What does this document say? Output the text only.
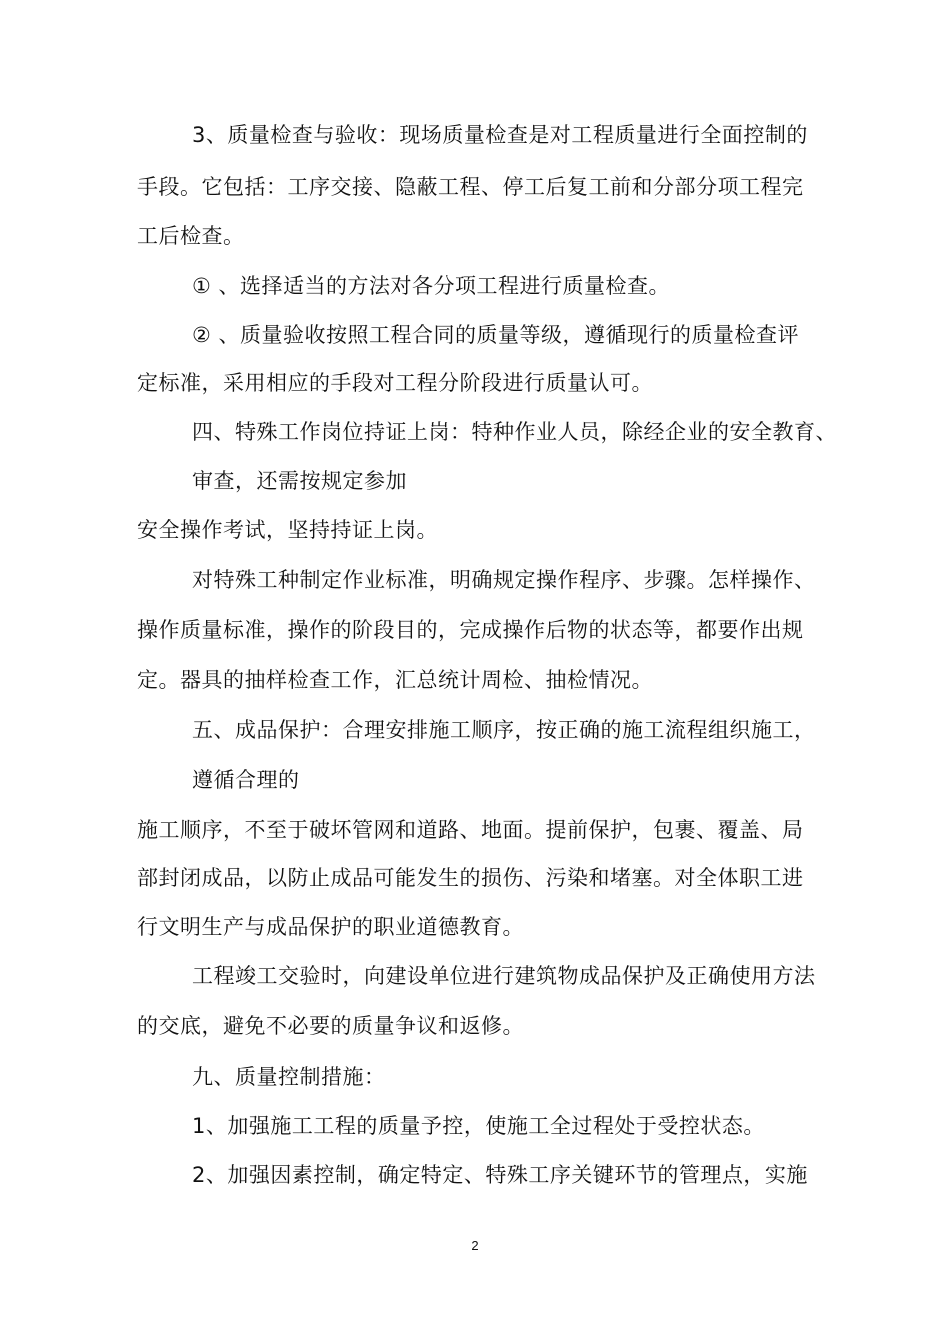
3、质量检查与验收：现场质量检查是对工程质量进行全面控制的
手段。它包括：工序交接、隐蔽工程、停工后复工前和分部分项工程完
工后检查。
① 、选择适当的方法对各分项工程进行质量检查。
② 、质量验收按照工程合同的质量等级，遵循现行的质量检查评
定标准，采用相应的手段对工程分阶段进行质量认可。
四、特殊工作岗位持证上岗：特种作业人员，除经企业的安全教育、
审查，还需按规定参加
安全操作考试，坚持持证上岗。
对特殊工种制定作业标准，明确规定操作程序、步骤。怎样操作、
操作质量标准，操作的阶段目的，完成操作后物的状态等，都要作出规
定。器具的抽样检查工作，汇总统计周检、抽检情况。
五、成品保护：合理安排施工顺序，按正确的施工流程组织施工，
遵循合理的
施工顺序，不至于破坏管网和道路、地面。提前保护，包裹、覆盖、局
部封闭成品，以防止成品可能发生的损伤、污染和堵塞。对全体职工进
行文明生产与成品保护的职业道德教育。
工程竣工交验时，向建设单位进行建筑物成品保护及正确使用方法
的交底，避免不必要的质量争议和返修。
九、质量控制措施：
1、加强施工工程的质量予控，使施工全过程处于受控状态。
2、加强因素控制，确定特定、特殊工序关键环节的管理点，实施
2
